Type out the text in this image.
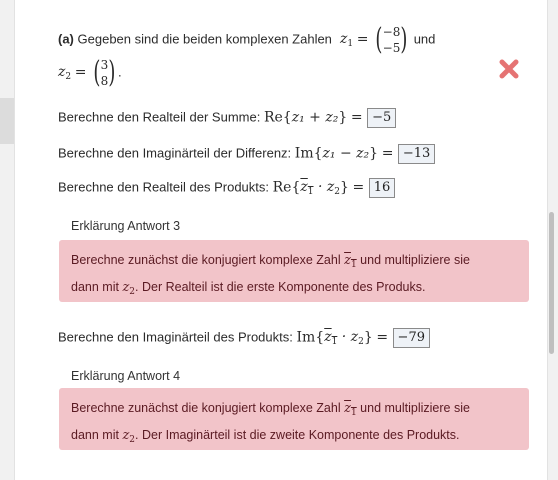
(a) Gegeben sind die beiden komplexen Zahlen  $z_1$ = ( −8
−5 ) und
$z_2$ = ( 3
8 ) .
Berechne den Realteil der Summe: Re{z₁ + z₂} = −5
Berechne den Imaginärteil der Differenz: Im{z₁ − z₂} = −13
Berechne den Realteil des Produkts: $Re\{z_1 \cdot z_2\} = 16$
Erklärung Antwort 3
Berechne zunächst die konjugiert komplexe Zahl $z_1$ und multipliziere sie
dann mit $z_2$. Der Realteil ist die erste Komponente des Produks.
Berechne den Imaginärteil des Produkts: $Im\{z_1 \cdot z_2\} = -79$
Erklärung Antwort 4
Berechne zunächst die konjugiert komplexe Zahl $z_1$ und multipliziere sie
dann mit $z_2$. Der Imaginärteil ist die zweite Komponente des Produkts.
